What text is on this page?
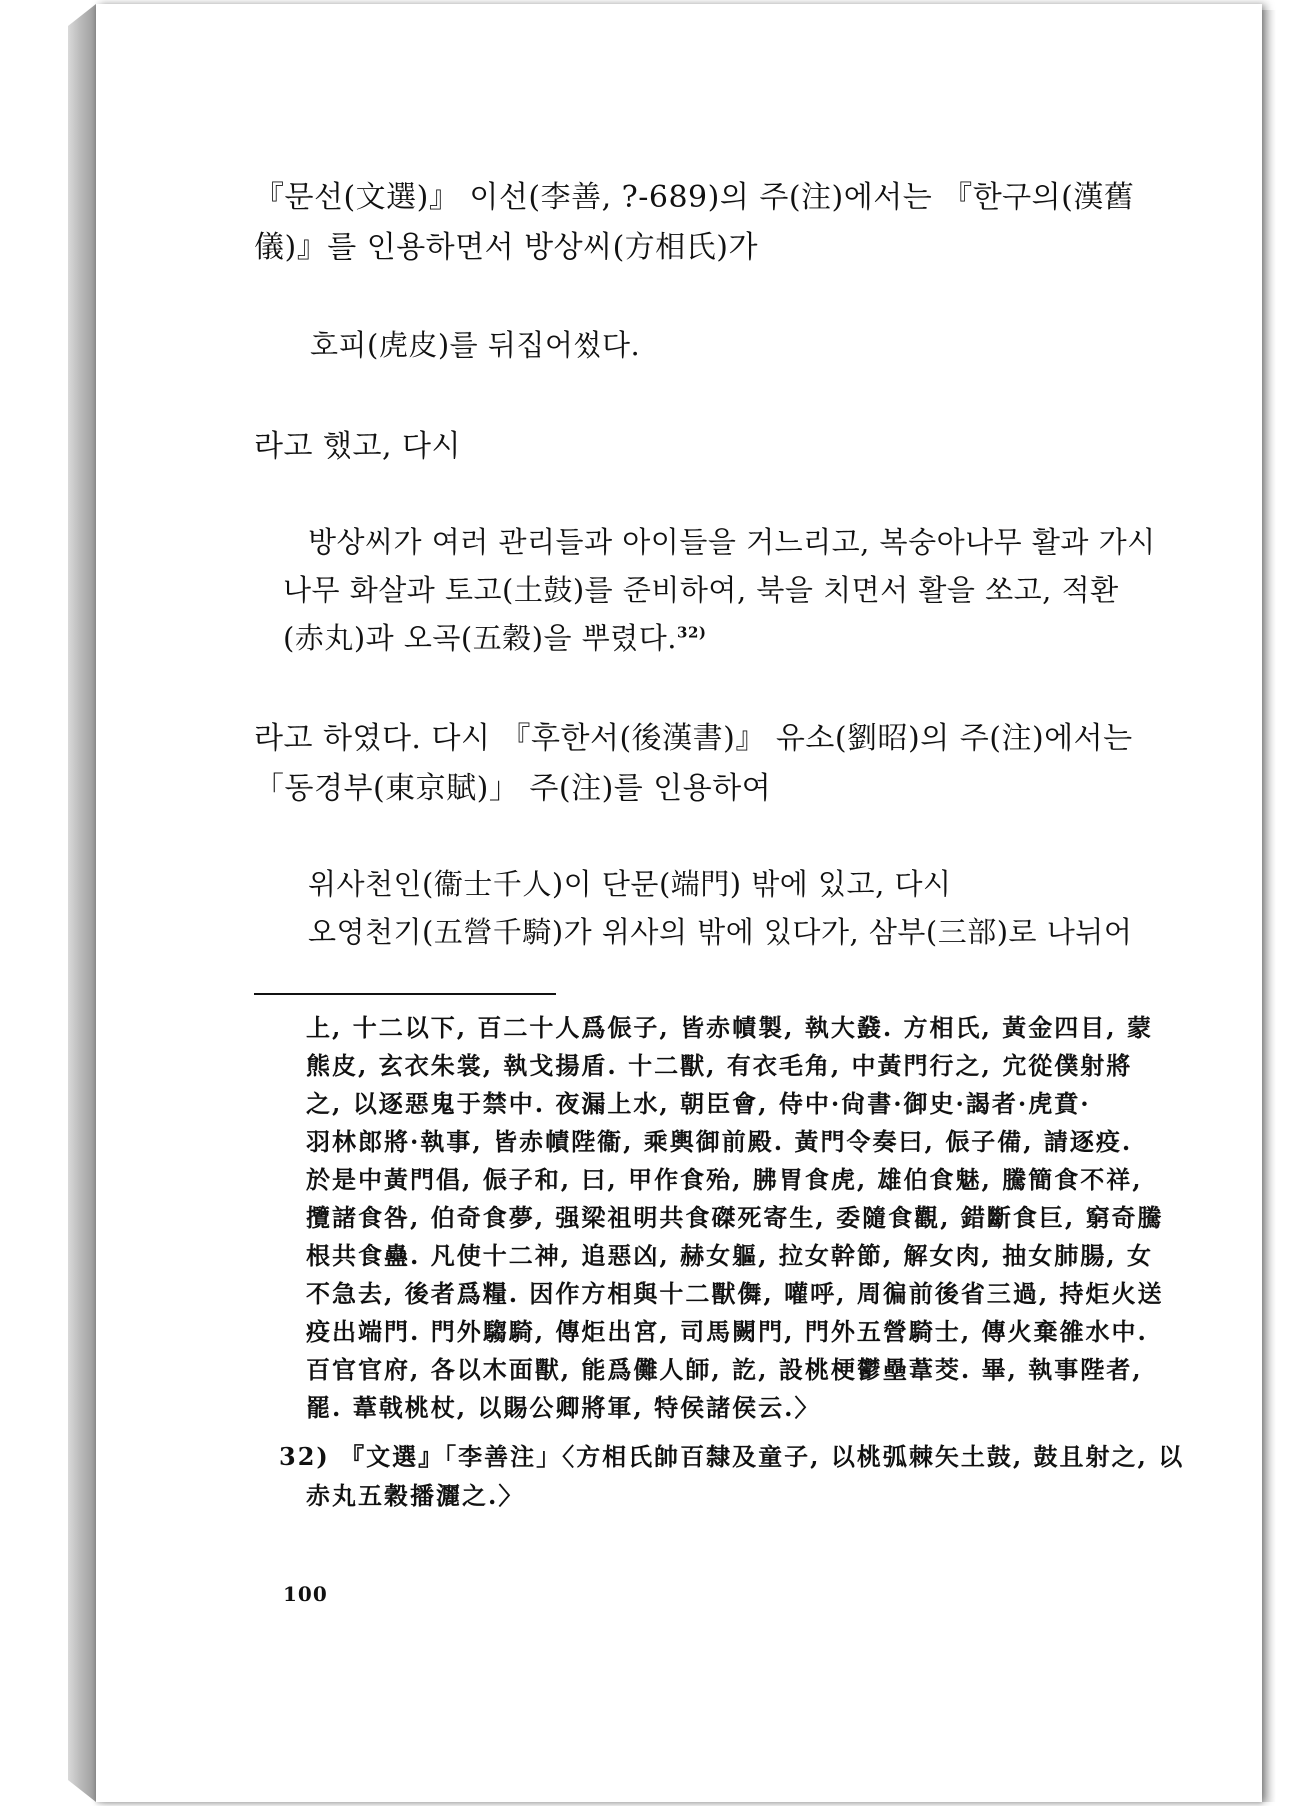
『문선(文選)』 이선(李善, ?-689)의 주(注)에서는 『한구의(漢舊
儀)』를 인용하면서 방상씨(方相氏)가
호피(虎皮)를 뒤집어썼다.
라고 했고, 다시
방상씨가 여러 관리들과 아이들을 거느리고, 복숭아나무 활과 가시
나무 화살과 토고(土鼓)를 준비하여, 북을 치면서 활을 쏘고, 적환
(赤丸)과 오곡(五穀)을 뿌렸다.$^{32)}$
라고 하였다. 다시 『후한서(後漢書)』 유소(劉昭)의 주(注)에서는
「동경부(東京賦)」 주(注)를 인용하여
위사천인(衞士千人)이 단문(端門) 밖에 있고, 다시
오영천기(五營千騎)가 위사의 밖에 있다가, 삼부(三部)로 나뉘어
上, 十二以下, 百二十人爲侲子, 皆赤幘製, 執大鼗. 方相氏, 黃金四目, 蒙
熊皮, 玄衣朱裳, 執戈揚盾. 十二獸, 有衣毛角, 中黃門行之, 宂從僕射將
之, 以逐惡鬼于禁中. 夜漏上水, 朝臣會, 侍中·尙書·御史·謁者·虎賁·
羽林郎將·執事, 皆赤幘陛衞, 乘輿御前殿. 黃門令奏曰, 侲子備, 請逐疫.
於是中黃門倡, 侲子和, 曰, 甲作食殆, 胇胃食虎, 雄伯食魅, 騰簡食不祥,
攬諸食咎, 伯奇食夢, 强梁祖明共食磔死寄生, 委隨食觀, 錯斷食巨, 窮奇騰
根共食蠱. 凡使十二神, 追惡凶, 赫女軀, 拉女幹節, 解女肉, 抽女肺腸, 女
不急去, 後者爲糧. 因作方相與十二獸儛, 嚾呼, 周徧前後省三過, 持炬火送
疫出端門. 門外騶騎, 傳炬出宮, 司馬闕門, 門外五營騎士, 傳火棄雒水中.
百官官府, 各以木面獸, 能爲儺人師, 訖, 設桃梗鬱壘葦茭. 畢, 執事陛者,
罷. 葦戟桃杖, 以賜公卿將軍, 特侯諸侯云.〉
32) 『文選』「李善注」〈方相氏帥百隸及童子, 以桃弧棘矢土鼓, 鼓且射之, 以
赤丸五穀播灑之.〉
100
